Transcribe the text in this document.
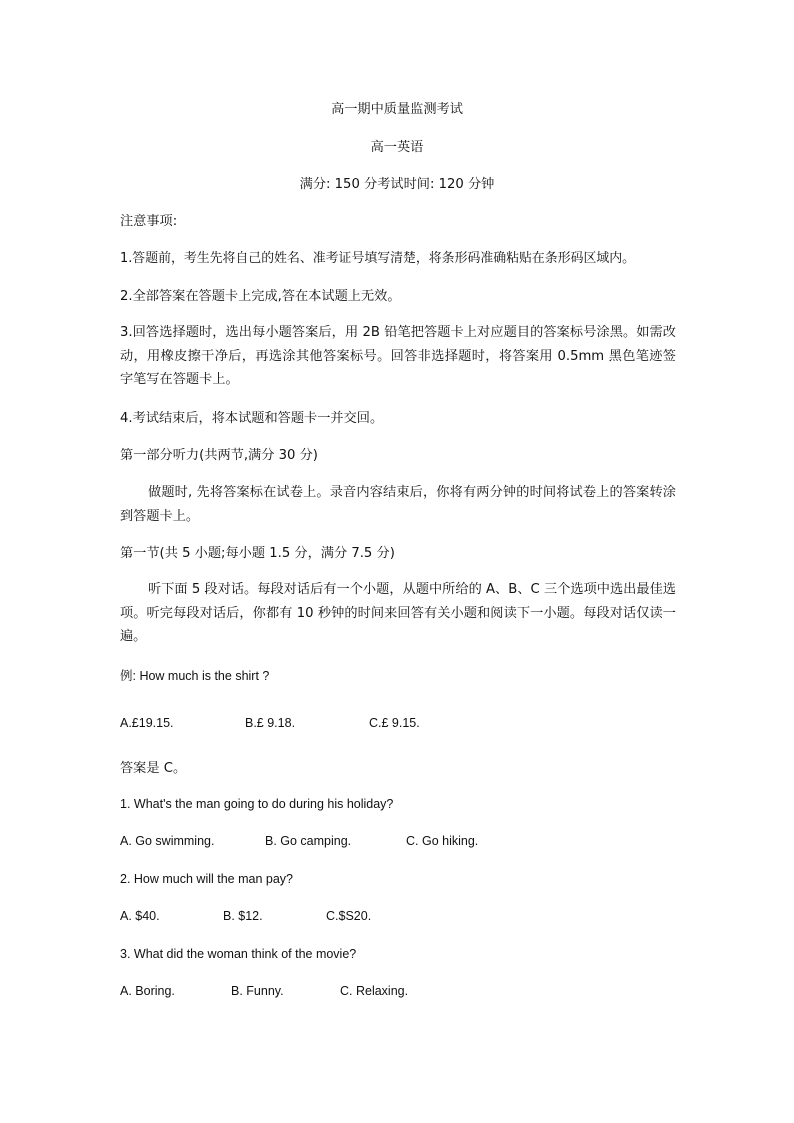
高一期中质量监测考试
高一英语
满分: 150 分考试时间: 120 分钟
注意事项:
1.答题前，考生先将自己的姓名、准考证号填写清楚，将条形码准确粘贴在条形码区域内。
2.全部答案在答题卡上完成,答在本试题上无效。
3.回答选择题时，选出每小题答案后，用 2B 铅笔把答题卡上对应题目的答案标号涂黑。如需改动，用橡皮擦干净后，再选涂其他答案标号。回答非选择题时，将答案用 0.5mm 黑色笔迹签字笔写在答题卡上。
4.考试结束后，将本试题和答题卡一并交回。
第一部分听力(共两节,满分 30 分)
做题时, 先将答案标在试卷上。录音内容结束后，你将有两分钟的时间将试卷上的答案转涂到答题卡上。
第一节(共 5 小题;每小题 1.5 分，满分 7.5 分)
听下面 5 段对话。每段对话后有一个小题，从题中所给的 A、B、C 三个选项中选出最佳选项。听完每段对话后，你都有 10 秒钟的时间来回答有关小题和阅读下一小题。每段对话仅读一遍。
例: How much is the shirt ?
A.£19.15.	B.£ 9.18.	C.£ 9.15.
答案是 C。
1. What's the man going to do during his holiday?
A. Go swimming.	B. Go camping.	C. Go hiking.
2. How much will the man pay?
A. $40.	B. $12.	C.$S20.
3. What did the woman think of the movie?
A. Boring.	B. Funny.	C. Relaxing.
